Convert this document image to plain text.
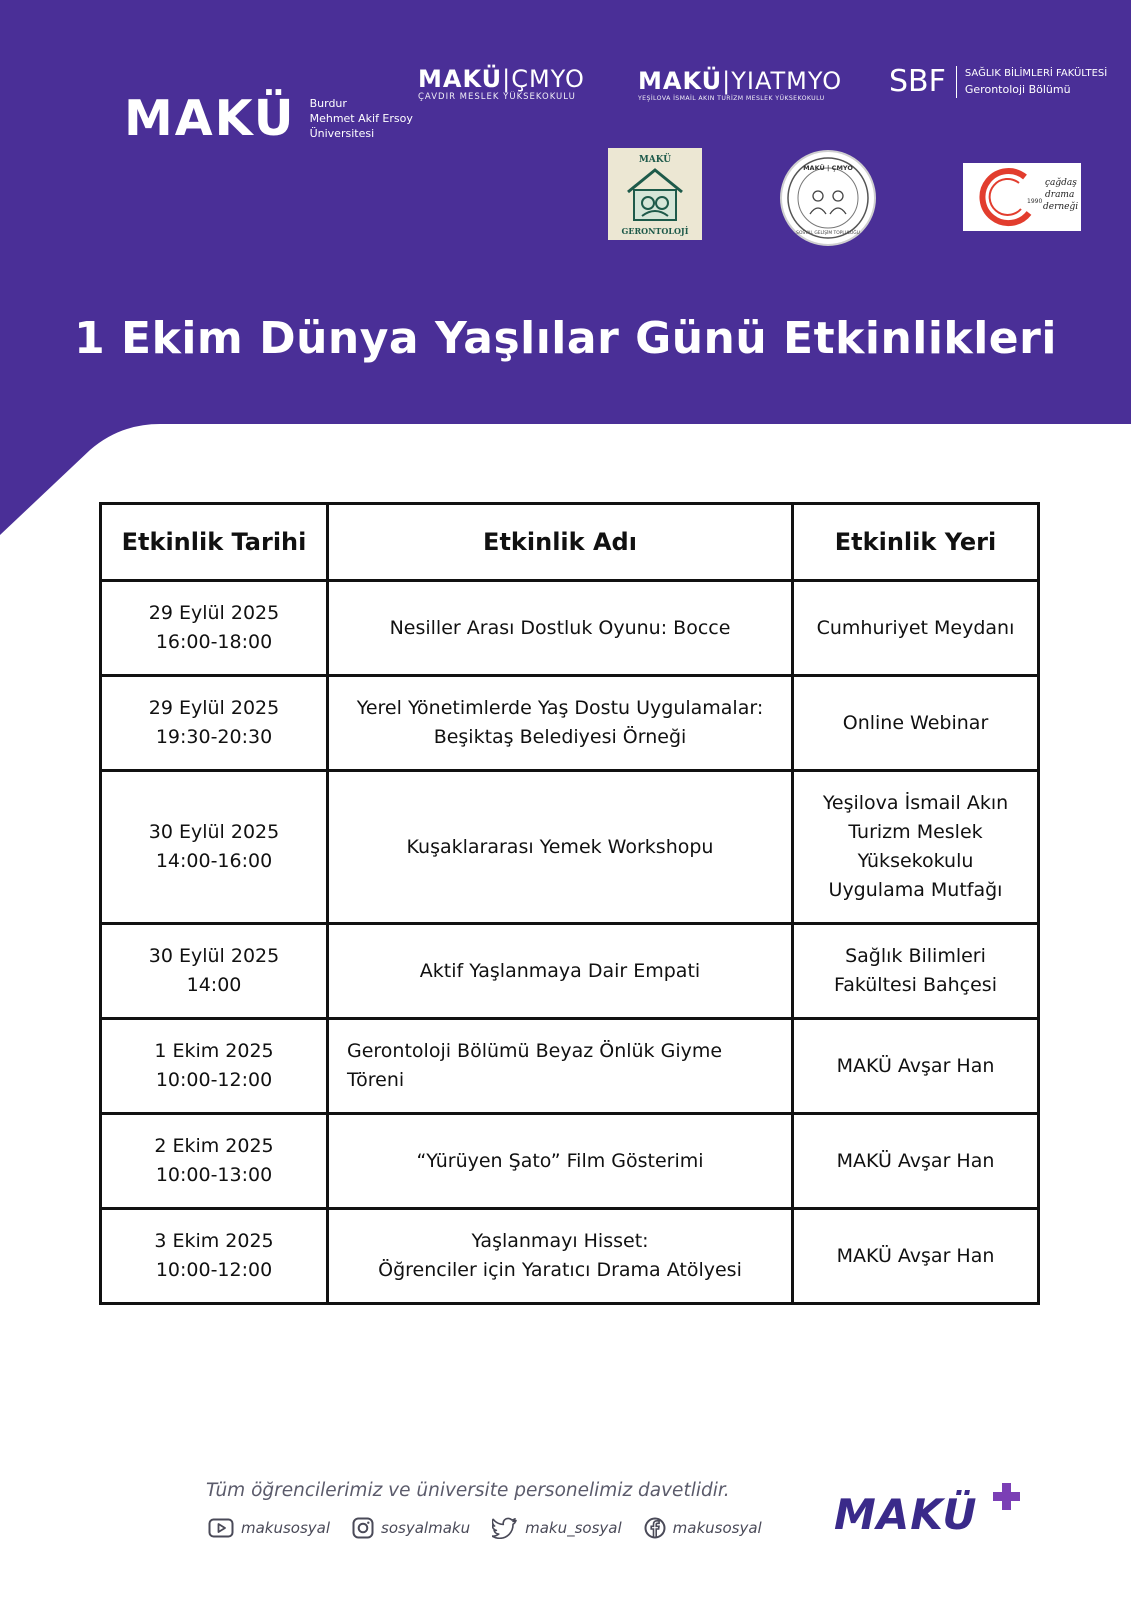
MAKÜ Burdur
Mehmet Akif Ersoy
Üniversitesi
MAKÜ|ÇMYO
ÇAVDIR MESLEK YÜKSEKOKULU
MAKÜ|YIATMYO
YEŞİLOVA İSMAİL AKIN TURİZM MESLEK YÜKSEKOKULU	SBF SAĞLIK BİLİMLERİ FAKÜLTESİ
Gerontoloji Bölümü
MAKÜ
GERONTOLOJİ
MAKÜ | ÇMYO
SOSYAL GELİŞİM TOPLULUĞU
1990
çağdaş
drama
derneği
1 Ekim Dünya Yaşlılar Günü Etkinlikleri
Etkinlik Tarihi	Etkinlik Adı	Etkinlik Yeri

29 Eylül 2025
16:00-18:00	Nesiller Arası Dostluk Oyunu: Bocce	Cumhuriyet Meydanı

29 Eylül 2025
19:30-20:30	Yerel Yönetimlerde Yaş Dostu Uygulamalar:
Beşiktaş Belediyesi Örneği	Online Webinar

30 Eylül 2025
14:00-16:00	Kuşaklararası Yemek Workshopu	Yeşilova İsmail Akın
Turizm Meslek
Yüksekokulu
Uygulama Mutfağı

30 Eylül 2025
14:00	Aktif Yaşlanmaya Dair Empati	Sağlık Bilimleri
Fakültesi Bahçesi

1 Ekim 2025
10:00-12:00	Gerontoloji Bölümü Beyaz Önlük Giyme
Töreni	MAKÜ Avşar Han

2 Ekim 2025
10:00-13:00	“Yürüyen Şato” Film Gösterimi	MAKÜ Avşar Han

3 Ekim 2025
10:00-12:00	Yaşlanmayı Hisset:
Öğrenciler için Yaratıcı Drama Atölyesi	MAKÜ Avşar Han
Tüm öğrencilerimiz ve üniversite personelimiz davetlidir.
makusosyal	sosyalmaku	maku_sosyal	makusosyal MAKÜ
